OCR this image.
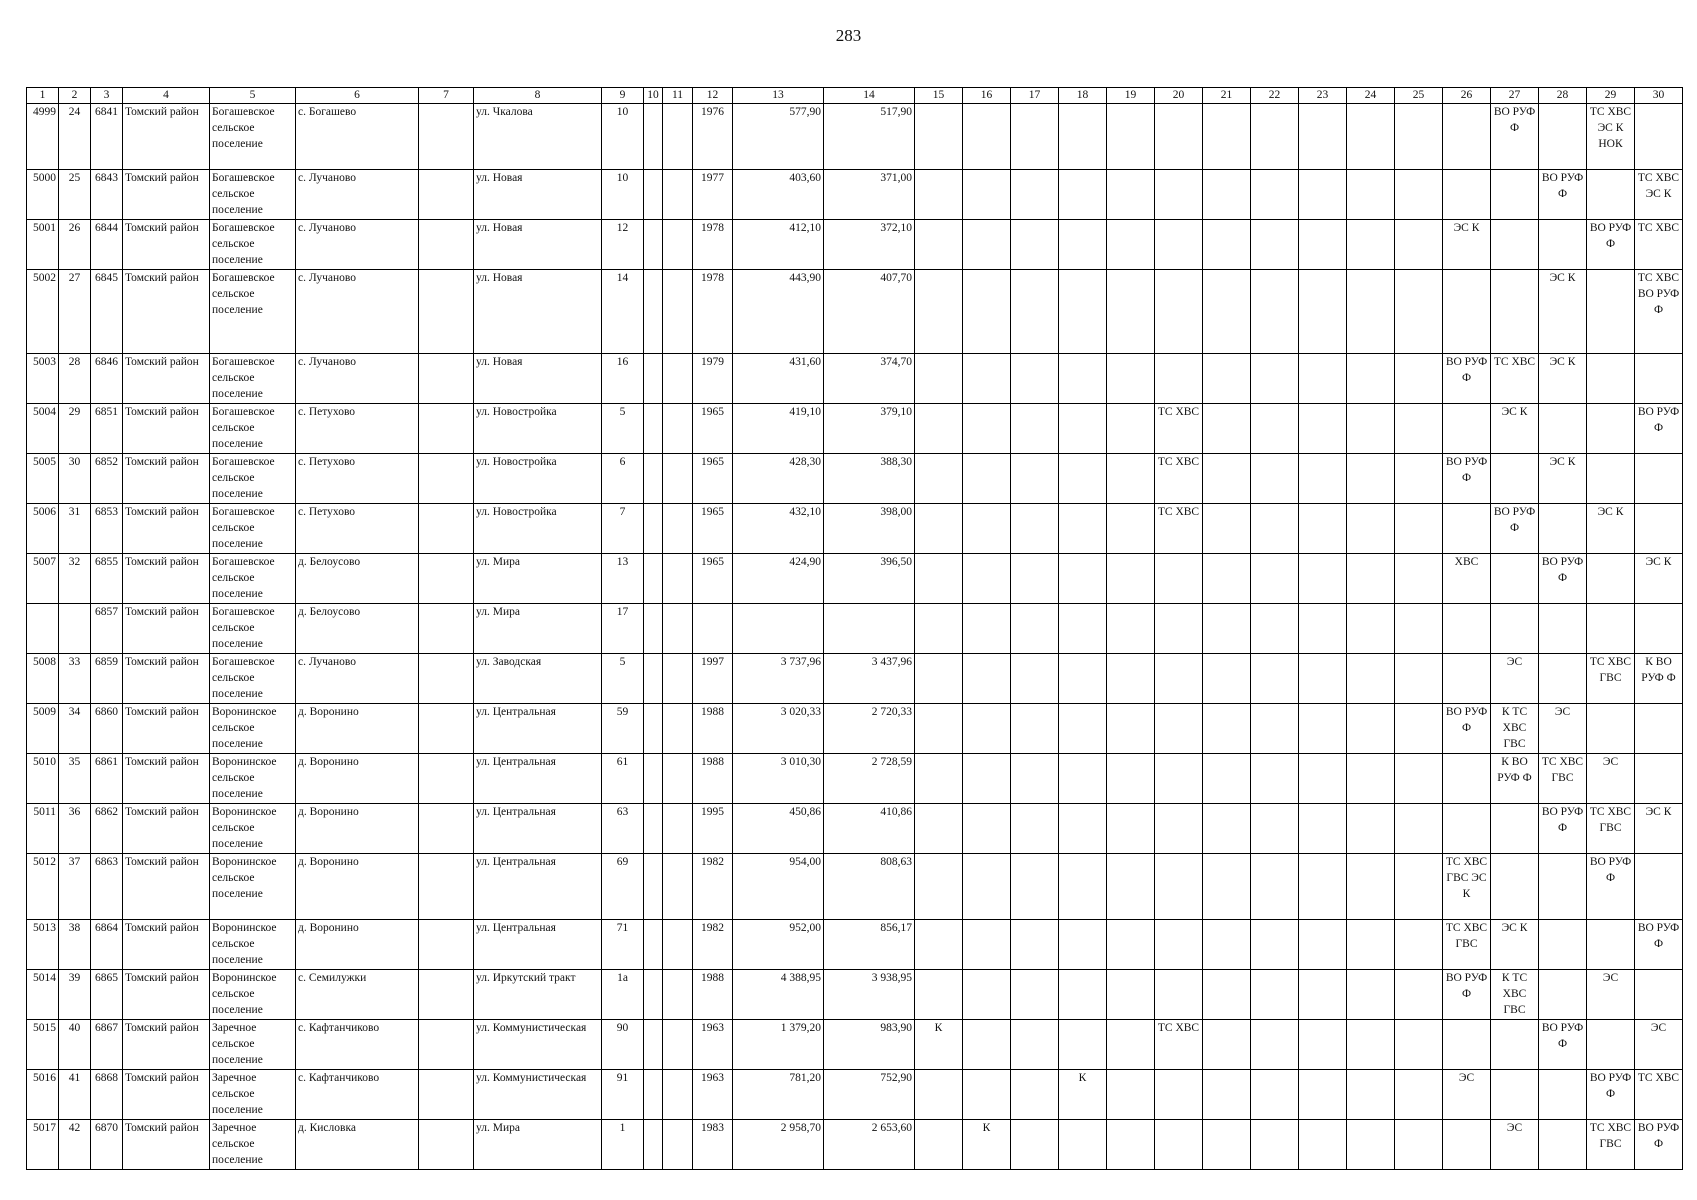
283
1	2	3	4	5	6	7	8	9	10	11	12	13	14	15	16	17	18	19	20	21	22	23	24	25	26	27	28	29	30
4999	24	6841	Томский район	Богашевское сельское поселение	с. Богашево		ул. Чкалова	10			1976	577,90	517,90													ВО РУФ Ф		ТС ХВС ЭС К НОК	
5000	25	6843	Томский район	Богашевское сельское поселение	с. Лучаново		ул. Новая	10			1977	403,60	371,00														ВО РУФ Ф		ТС ХВС ЭС К
5001	26	6844	Томский район	Богашевское сельское поселение	с. Лучаново		ул. Новая	12			1978	412,10	372,10												ЭС К			ВО РУФ Ф	ТС ХВС
5002	27	6845	Томский район	Богашевское сельское поселение	с. Лучаново		ул. Новая	14			1978	443,90	407,70														ЭС К		ТС ХВС ВО РУФ Ф
5003	28	6846	Томский район	Богашевское сельское поселение	с. Лучаново		ул. Новая	16			1979	431,60	374,70												ВО РУФ Ф	ТС ХВС	ЭС К		
5004	29	6851	Томский район	Богашевское сельское поселение	с. Петухово		ул. Новостройка	5			1965	419,10	379,10						ТС ХВС							ЭС К			ВО РУФ Ф
5005	30	6852	Томский район	Богашевское сельское поселение	с. Петухово		ул. Новостройка	6			1965	428,30	388,30						ТС ХВС						ВО РУФ Ф		ЭС К		
5006	31	6853	Томский район	Богашевское сельское поселение	с. Петухово		ул. Новостройка	7			1965	432,10	398,00						ТС ХВС							ВО РУФ Ф		ЭС К	
5007	32	6855	Томский район	Богашевское сельское поселение	д. Белоусово		ул. Мира	13			1965	424,90	396,50												ХВС		ВО РУФ Ф		ЭС К
		6857	Томский район	Богашевское сельское поселение	д. Белоусово		ул. Мира	17																					
5008	33	6859	Томский район	Богашевское сельское поселение	с. Лучаново		ул. Заводская	5			1997	3 737,96	3 437,96													ЭС		ТС ХВС ГВС	К ВО РУФ Ф
5009	34	6860	Томский район	Воронинское сельское поселение	д. Воронино		ул. Центральная	59			1988	3 020,33	2 720,33												ВО РУФ Ф	К ТС ХВС ГВС	ЭС		
5010	35	6861	Томский район	Воронинское сельское поселение	д. Воронино		ул. Центральная	61			1988	3 010,30	2 728,59													К ВО РУФ Ф	ТС ХВС ГВС	ЭС	
5011	36	6862	Томский район	Воронинское сельское поселение	д. Воронино		ул. Центральная	63			1995	450,86	410,86														ВО РУФ Ф	ТС ХВС ГВС	ЭС К
5012	37	6863	Томский район	Воронинское сельское поселение	д. Воронино		ул. Центральная	69			1982	954,00	808,63												ТС ХВС ГВС ЭС К			ВО РУФ Ф	
5013	38	6864	Томский район	Воронинское сельское поселение	д. Воронино		ул. Центральная	71			1982	952,00	856,17												ТС ХВС ГВС	ЭС К			ВО РУФ Ф
5014	39	6865	Томский район	Воронинское сельское поселение	с. Семилужки		ул. Иркутский тракт	1а			1988	4 388,95	3 938,95												ВО РУФ Ф	К ТС ХВС ГВС		ЭС	
5015	40	6867	Томский район	Заречное сельское поселение	с. Кафтанчиково		ул. Коммунистическая	90			1963	1 379,20	983,90	К					ТС ХВС								ВО РУФ Ф		ЭС
5016	41	6868	Томский район	Заречное сельское поселение	с. Кафтанчиково		ул. Коммунистическая	91			1963	781,20	752,90				К								ЭС			ВО РУФ Ф	ТС ХВС
5017	42	6870	Томский район	Заречное сельское поселение	д. Кисловка		ул. Мира	1			1983	2 958,70	2 653,60		К											ЭС		ТС ХВС ГВС	ВО РУФ Ф
